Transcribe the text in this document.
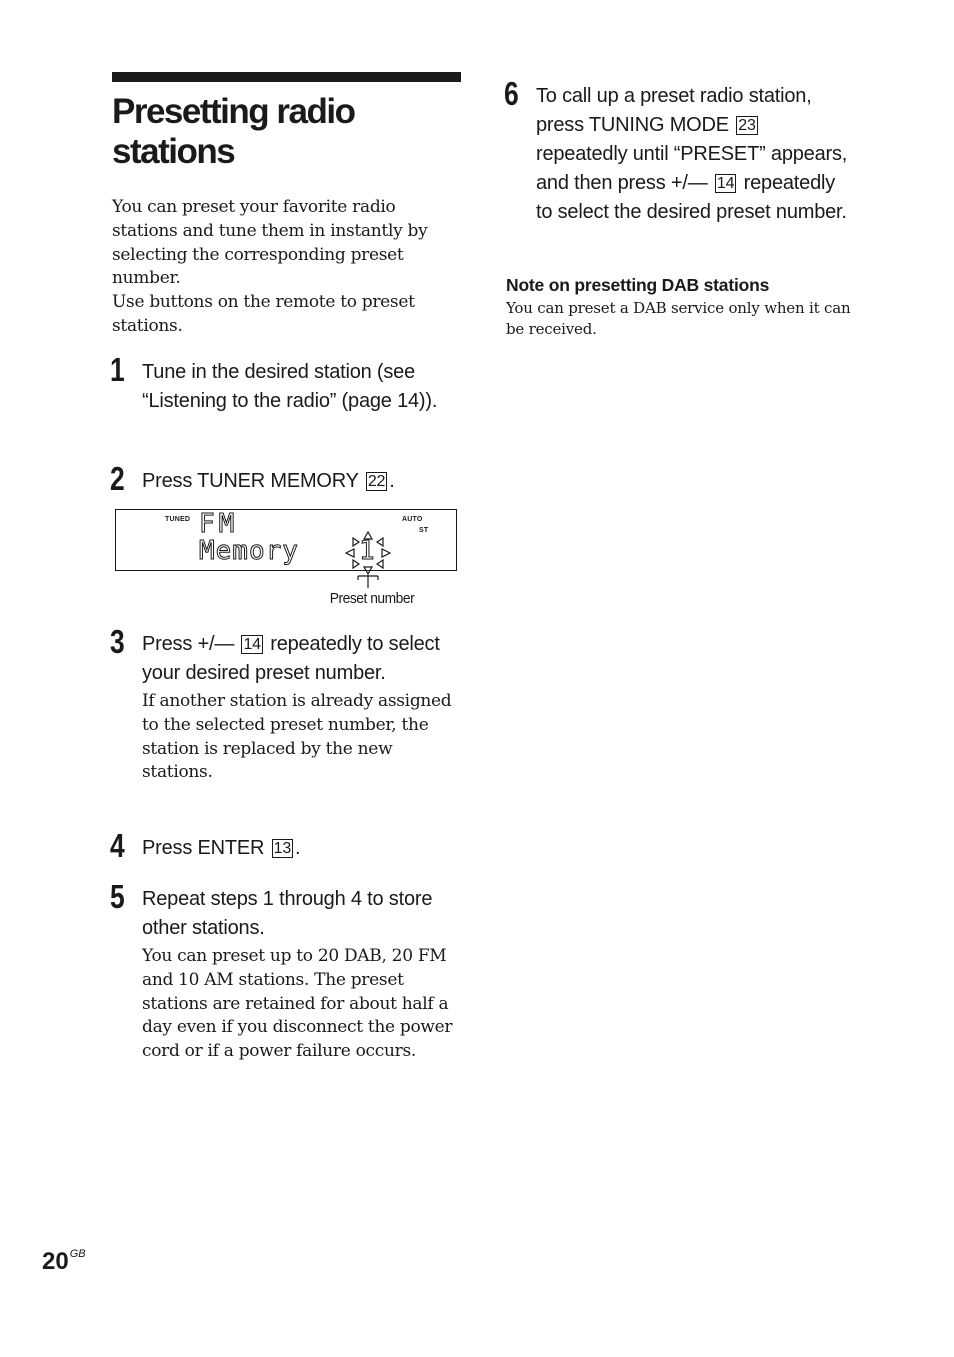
Presetting radio stations

You can preset your favorite radio stations and tune them in instantly by selecting the corresponding preset number.

Use buttons on the remote to preset stations.

1 Tune in the desired station (see “Listening to the radio” (page 14)).
2 Press TUNER MEMORY 22 .
TUNED	AUTO
ST
FM
Memory 1
Preset number
3 Press +/— 14 repeatedly to select your desired preset number.
If another station is already assigned to the selected preset number, the station is replaced by the new stations.
4 Press ENTER 13 .
5 Repeat steps 1 through 4 to store other stations.
You can preset up to 20 DAB, 20 FM and 10 AM stations. The preset stations are retained for about half a day even if you disconnect the power cord or if a power failure occurs.
6 To call up a preset radio station, press TUNING MODE 23 repeatedly until “PRESET” appears, and then press +/— 14 repeatedly to select the desired preset number.
Note on presetting DAB stations
You can preset a DAB service only when it can be received.
$20^{GB}$
